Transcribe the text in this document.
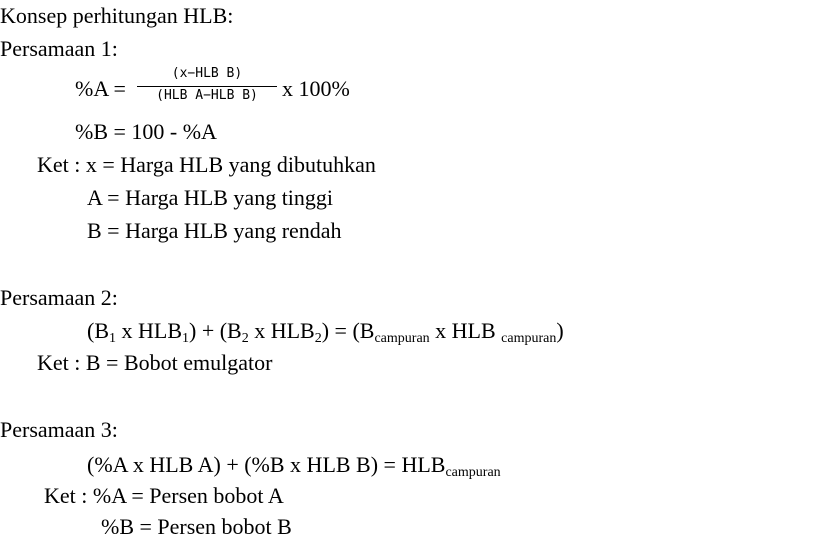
Konsep perhitungan HLB:
Persamaan 1:
%A =
(x−HLB B)
(HLB A−HLB B)	x 100%
%B = 100 - %A
Ket : x = Harga HLB yang dibutuhkan
A = Harga HLB yang tinggi
B = Harga HLB yang rendah
Persamaan 2:
(B1 x HLB1) + (B2 x HLB2) = (Bcampuran x HLB campuran)
Ket : B = Bobot emulgator
Persamaan 3:
(%A x HLB A) + (%B x HLB B) = HLBcampuran
Ket : %A = Persen bobot A
%B = Persen bobot B
